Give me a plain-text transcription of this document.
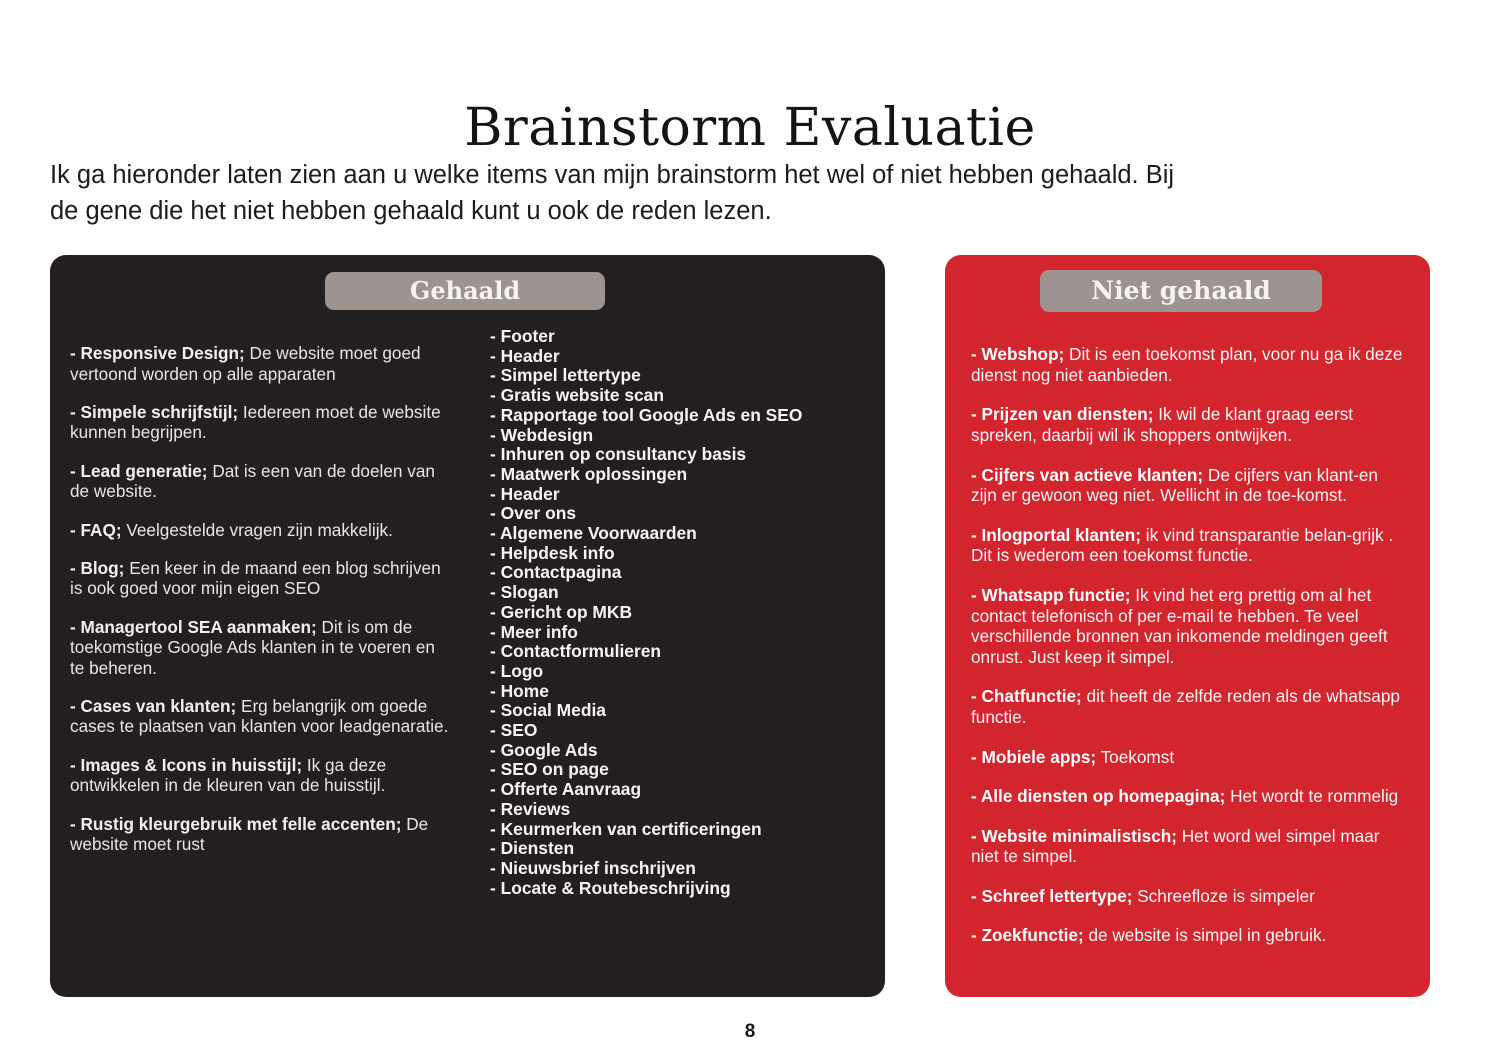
Brainstorm Evaluatie
Ik ga hieronder laten zien aan u welke items van mijn brainstorm het wel of niet hebben gehaald. Bij
de gene die het niet hebben gehaald kunt u ook de reden lezen.
Gehaald

- Responsive Design; De website moet goed vertoond worden op alle apparaten

- Simpele schrijfstijl; Iedereen moet de website kunnen begrijpen.

- Lead generatie; Dat is een van de doelen van de website.

- FAQ; Veelgestelde vragen zijn makkelijk.

- Blog; Een keer in de maand een blog schrijven is ook goed voor mijn eigen SEO

- Managertool SEA aanmaken; Dit is om de toekomstige Google Ads klanten in te voeren en te beheren.

- Cases van klanten; Erg belangrijk om goede cases te plaatsen van klanten voor leadgenaratie.

- Images & Icons in huisstijl; Ik ga deze ontwikkelen in de kleuren van de huisstijl.

- Rustig kleurgebruik met felle accenten; De website moet rust

- Footer
- Header
- Simpel lettertype
- Gratis website scan
- Rapportage tool Google Ads en SEO
- Webdesign
- Inhuren op consultancy basis
- Maatwerk oplossingen
- Header
- Over ons
- Algemene Voorwaarden
- Helpdesk info
- Contactpagina
- Slogan
- Gericht op MKB
- Meer info
- Contactformulieren
- Logo
- Home
- Social Media
- SEO
- Google Ads
- SEO on page
- Offerte Aanvraag
- Reviews
- Keurmerken van certificeringen
- Diensten
- Nieuwsbrief inschrijven
- Locate & Routebeschrijving
Niet gehaald

- Webshop; Dit is een toekomst plan, voor nu ga ik deze dienst nog niet aanbieden.

- Prijzen van diensten; Ik wil de klant graag eerst spreken, daarbij wil ik shoppers ontwijken.

- Cijfers van actieve klanten; De cijfers van klant-en zijn er gewoon weg niet. Wellicht in de toe-komst.

- Inlogportal klanten; ik vind transparantie belan-grijk . Dit is wederom een toekomst functie.

- Whatsapp functie; Ik vind het erg prettig om al het contact telefonisch of per e-mail te hebben. Te veel verschillende bronnen van inkomende meldingen geeft onrust. Just keep it simpel.

- Chatfunctie; dit heeft de zelfde reden als de whatsapp functie.

- Mobiele apps; Toekomst

- Alle diensten op homepagina; Het wordt te rommelig

- Website minimalistisch; Het word wel simpel maar niet te simpel.

- Schreef lettertype; Schreefloze is simpeler

- Zoekfunctie; de website is simpel in gebruik.

8
